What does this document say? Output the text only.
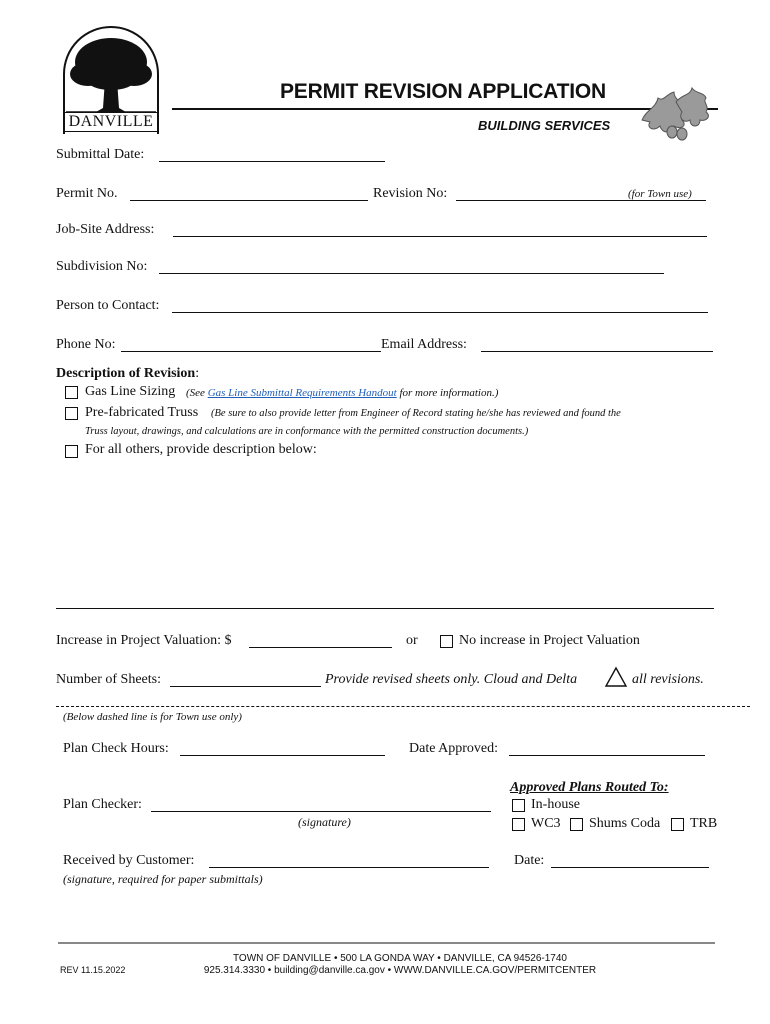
DANVILLE
PERMIT REVISION APPLICATION
BUILDING SERVICES
Submittal Date:
Permit No.	Revision No:	(for Town use)
Job-Site Address:
Subdivision No:
Person to Contact:
Phone No:	Email Address:
Description of Revision:
Gas Line Sizing (See Gas Line Submittal Requirements Handout for more information.)
Pre-fabricated Truss (Be sure to also provide letter from Engineer of Record stating he/she has reviewed and found the
Truss layout, drawings, and calculations are in conformance with the permitted construction documents.)
For all others, provide description below:
Increase in Project Valuation: $	or	No increase in Project Valuation
Number of Sheets:	Provide revised sheets only. Cloud and Delta	all revisions.
(Below dashed line is for Town use only)
Plan Check Hours:	Date Approved:
Approved Plans Routed To:
Plan Checker:
(signature)
In-house
WC3 Shums Coda TRB
Received by Customer:
(signature, required for paper submittals)
Date:
REV 11.15.2022
TOWN OF DANVILLE • 500 LA GONDA WAY • DANVILLE, CA 94526-1740
925.314.3330 • building@danville.ca.gov • WWW.DANVILLE.CA.GOV/PERMITCENTER
